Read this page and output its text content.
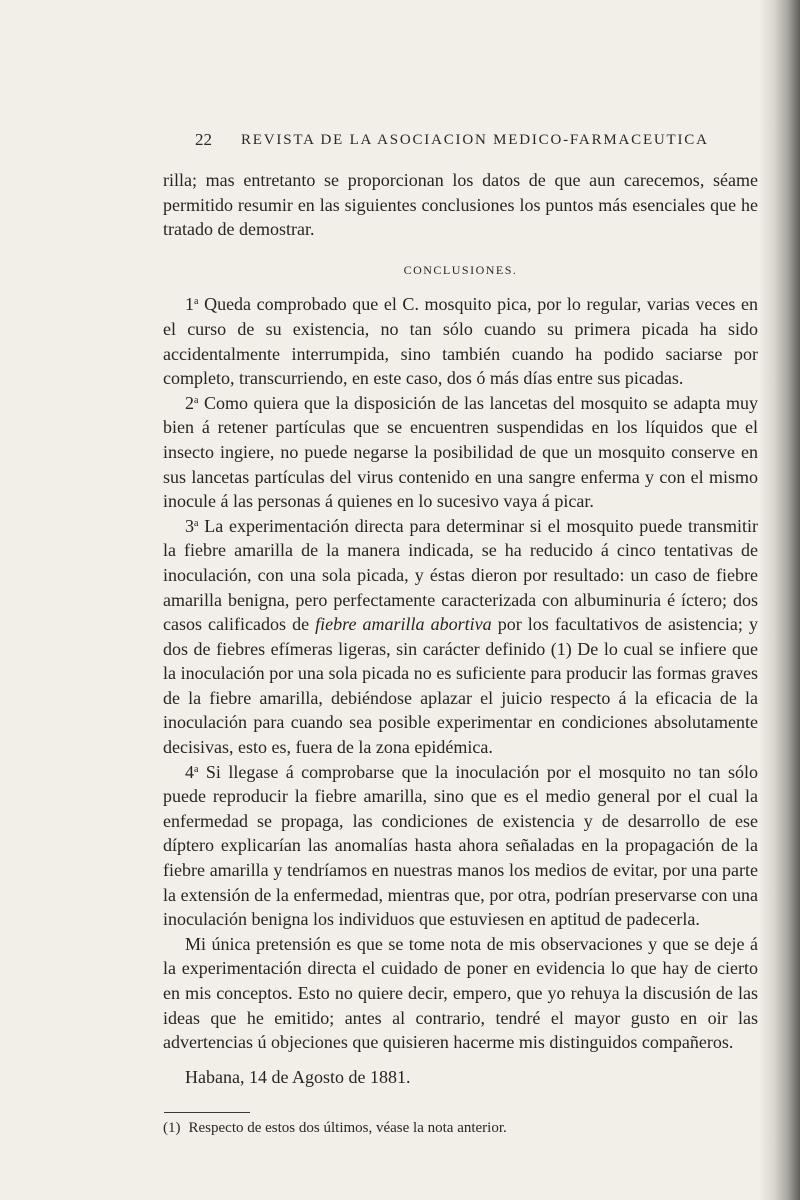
22 REVISTA DE LA ASOCIACION MEDICO-FARMACEUTICA

rilla; mas entretanto se proporcionan los datos de que aun carecemos, séame permitido resumir en las siguientes conclusiones los puntos más esenciales que he tratado de demostrar.

CONCLUSIONES.

1$^a$ Queda comprobado que el C. mosquito pica, por lo regular, varias veces en el curso de su existencia, no tan sólo cuando su primera picada ha sido accidentalmente interrumpida, sino también cuando ha podido saciarse por completo, transcurriendo, en este caso, dos ó más días entre sus picadas.

2$^a$ Como quiera que la disposición de las lancetas del mosquito se adapta muy bien á retener partículas que se encuentren suspendidas en los líquidos que el insecto ingiere, no puede negarse la posibilidad de que un mosquito conserve en sus lancetas partículas del virus contenido en una sangre enferma y con el mismo inocule á las personas á quienes en lo sucesivo vaya á picar.

3$^a$ La experimentación directa para determinar si el mosquito puede transmitir la fiebre amarilla de la manera indicada, se ha reducido á cinco tentativas de inoculación, con una sola picada, y éstas dieron por resultado: un caso de fiebre amarilla benigna, pero perfectamente caracterizada con albuminuria é íctero; dos casos calificados de fiebre amarilla abortiva por los facultativos de asistencia; y dos de fiebres efímeras ligeras, sin carácter definido (1) De lo cual se infiere que la inoculación por una sola picada no es suficiente para producir las formas graves de la fiebre amarilla, debiéndose aplazar el juicio respecto á la eficacia de la inoculación para cuando sea posible experimentar en condiciones absolutamente decisivas, esto es, fuera de la zona epidémica.

4$^a$ Si llegase á comprobarse que la inoculación por el mosquito no tan sólo puede reproducir la fiebre amarilla, sino que es el medio general por el cual la enfermedad se propaga, las condiciones de existencia y de desarrollo de ese díptero explicarían las anomalías hasta ahora señaladas en la propagación de la fiebre amarilla y tendríamos en nuestras manos los medios de evitar, por una parte la extensión de la enfermedad, mientras que, por otra, podrían preservarse con una inoculación benigna los individuos que estuviesen en aptitud de padecerla.

Mi única pretensión es que se tome nota de mis observaciones y que se deje á la experimentación directa el cuidado de poner en evidencia lo que hay de cierto en mis conceptos. Esto no quiere decir, empero, que yo rehuya la discusión de las ideas que he emitido; antes al contrario, tendré el mayor gusto en oir las advertencias ú objeciones que quisieren hacerme mis distinguidos compañeros.

Habana, 14 de Agosto de 1881.

(1) Respecto de estos dos últimos, véase la nota anterior.
